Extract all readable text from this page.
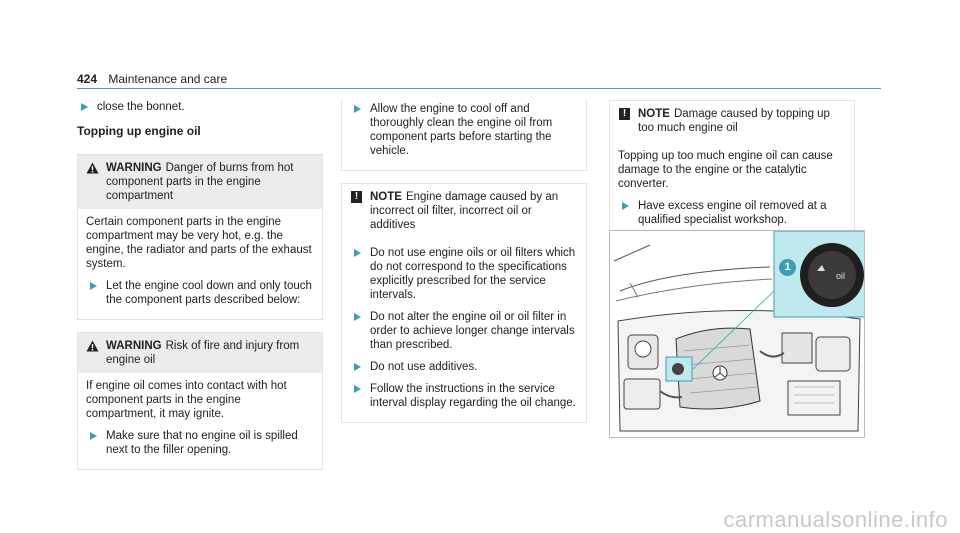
424 Maintenance and care
close the bonnet.
Topping up engine oil
WARNING Danger of burns from hot component parts in the engine compartment

Certain component parts in the engine compartment may be very hot, e.g. the engine, the radiator and parts of the exhaust system.

Let the engine cool down and only touch the component parts described below:
WARNING Risk of fire and injury from engine oil

If engine oil comes into contact with hot component parts in the engine compartment, it may ignite.

Make sure that no engine oil is spilled next to the filler opening.
Allow the engine to cool off and thoroughly clean the engine oil from component parts before starting the vehicle.
!	NOTE Engine damage caused by an incorrect oil filter, incorrect oil or additives
Do not use engine oils or oil filters which do not correspond to the specifications explicitly prescribed for the service intervals.
Do not alter the engine oil or oil filter in order to achieve longer change intervals than prescribed.
Do not use additives.
Follow the instructions in the service interval display regarding the oil change.
!	NOTE Damage caused by topping up too much engine oil

Topping up too much engine oil can cause damage to the engine or the catalytic converter.

Have excess engine oil removed at a qualified specialist workshop.
oil
1
carmanualsonline.info
